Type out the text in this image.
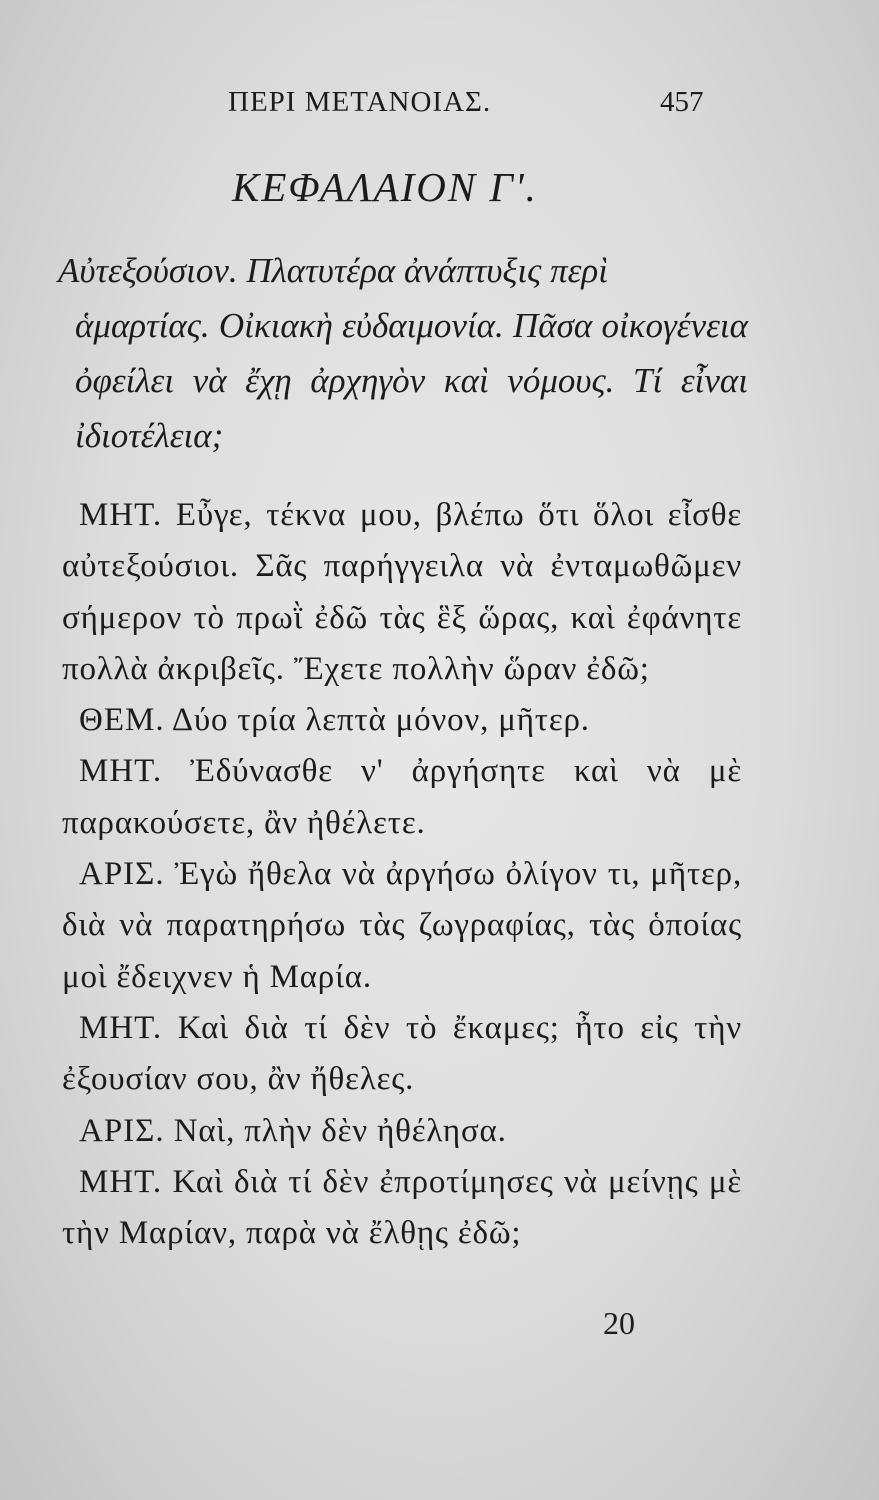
ΠΕΡΙ ΜΕΤΑΝΟΙΑΣ.	457
ΚΕΦΑΛΑΙΟΝ Γ'.
Αὐτεξούσιον. Πλατυτέρα ἀνάπτυξις περὶ
ἁμαρτίας. Οἰκιακὴ εὐδαιμονία. Πᾶσα οἰκογένεια ὀφείλει νὰ ἔχῃ ἀρχηγὸν καὶ νόμους. Τί εἶναι ἰδιοτέλεια;

ΜΗΤ. Εὖγε, τέκνα μου, βλέπω ὅτι ὅλοι εἶσθε αὐτεξούσιοι. Σᾶς παρήγγειλα νὰ ἐνταμωθῶμεν σήμερον τὸ πρωῒ ἐδῶ τὰς ἓξ ὥρας, καὶ ἐφάνητε πολλὰ ἀκριβεῖς. Ἔχετε πολλὴν ὥραν ἐδῶ;

ΘΕΜ. Δύο τρία λεπτὰ μόνον, μῆτερ.

ΜΗΤ. Ἐδύνασθε ν' ἀργήσητε καὶ νὰ μὲ παρακούσετε, ἂν ἠθέλετε.

ΑΡΙΣ. Ἐγὼ ἤθελα νὰ ἀργήσω ὀλίγον τι, μῆτερ, διὰ νὰ παρατηρήσω τὰς ζωγραφίας, τὰς ὁποίας μοὶ ἔδειχνεν ἡ Μαρία.

ΜΗΤ. Καὶ διὰ τί δὲν τὸ ἔκαμες; ἦτο εἰς τὴν ἐξουσίαν σου, ἂν ἤθελες.

ΑΡΙΣ. Ναὶ, πλὴν δὲν ἠθέλησα.

ΜΗΤ. Καὶ διὰ τί δὲν ἐπροτίμησες νὰ μείνῃς μὲ τὴν Μαρίαν, παρὰ νὰ ἔλθῃς ἐδῶ;

20
